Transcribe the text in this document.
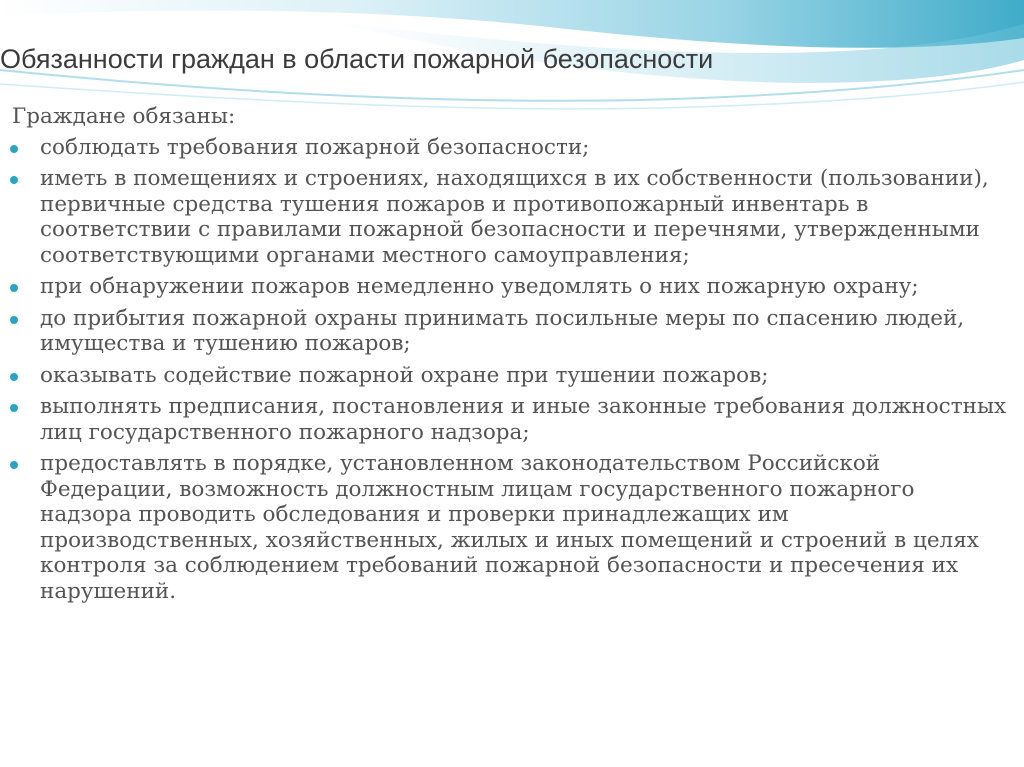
Обязанности граждан в области пожарной безопасности

Граждане обязаны:

соблюдать требования пожарной безопасности;
иметь в помещениях и строениях, находящихся в их собственности (пользовании), первичные средства тушения пожаров и противопожарный инвентарь в соответствии с правилами пожарной безопасности и перечнями, утвержденными соответствующими органами местного самоуправления;
при обнаружении пожаров немедленно уведомлять о них пожарную охрану;
до прибытия пожарной охраны принимать посильные меры по спасению людей, имущества и тушению пожаров;
оказывать содействие пожарной охране при тушении пожаров;
выполнять предписания, постановления и иные законные требования должностных лиц государственного пожарного надзора;
предоставлять в порядке, установленном законодательством Российской Федерации, возможность должностным лицам государственного пожарного надзора проводить обследования и проверки принадлежащих им производственных, хозяйственных, жилых и иных помещений и строений в целях контроля за соблюдением требований пожарной безопасности и пресечения их нарушений.
